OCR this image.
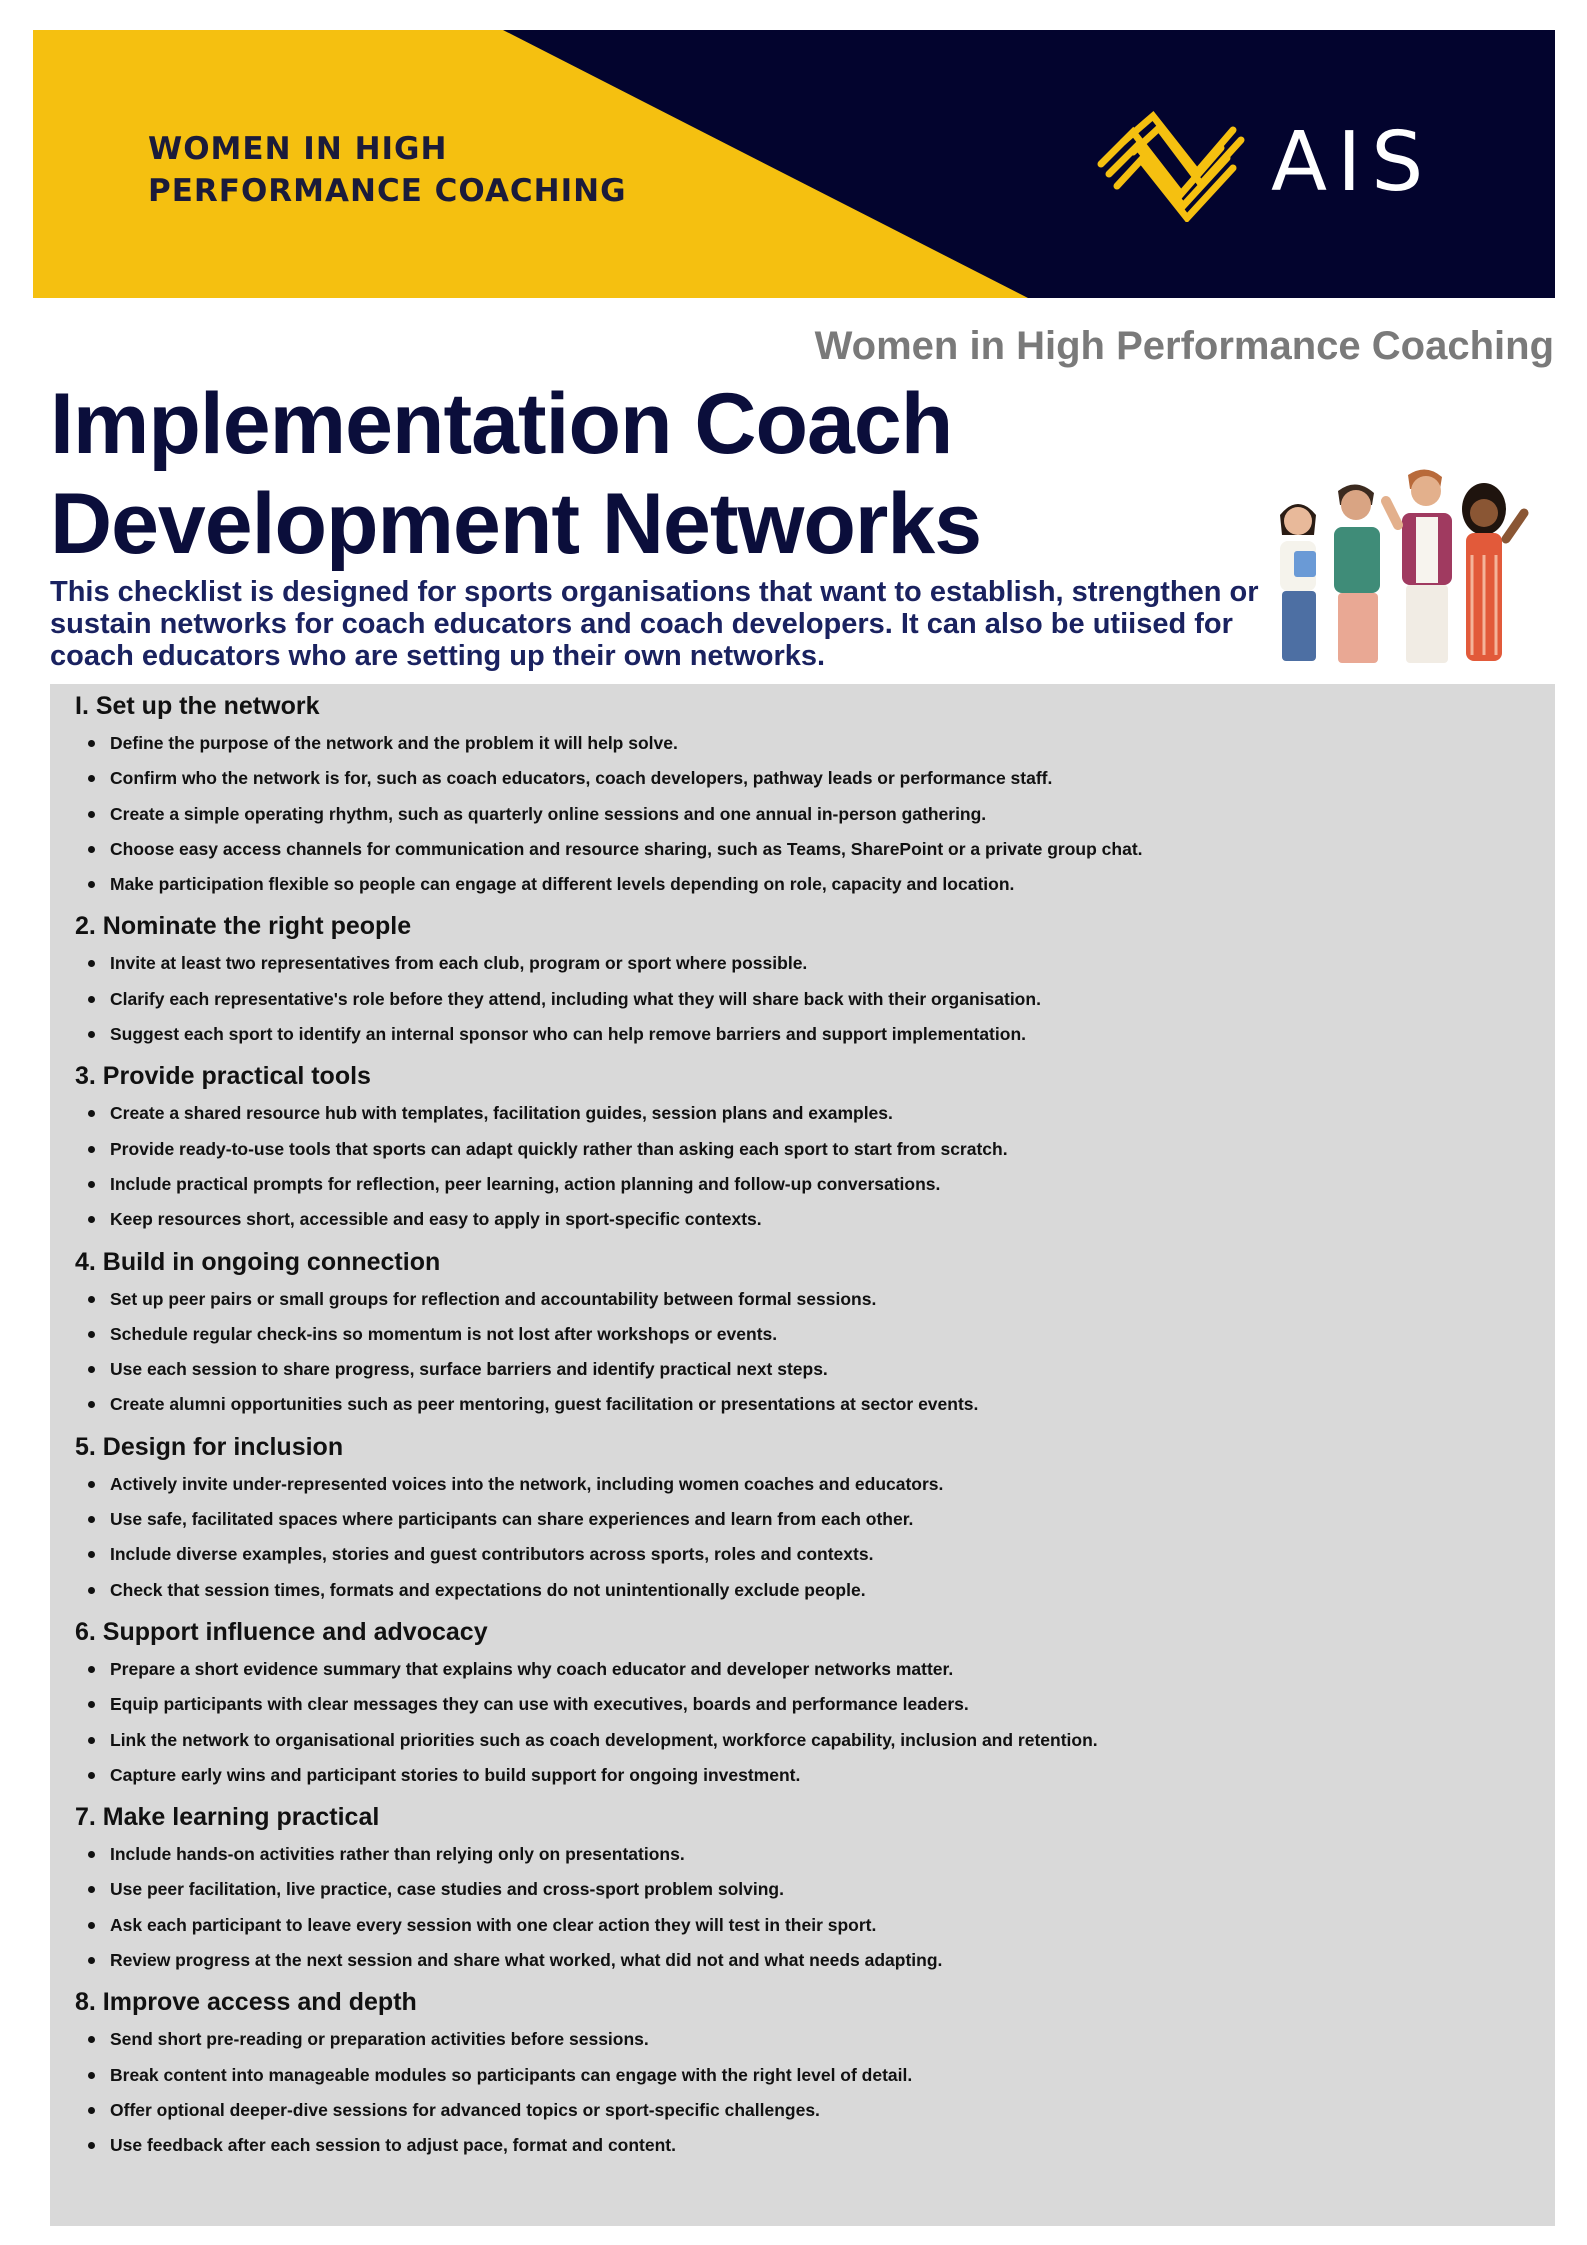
WOMEN IN HIGH
PERFORMANCE COACHING	AIS
Women in High Performance Coaching
Implementation Coach
Development Networks
This checklist is designed for sports organisations that want to establish, strengthen or sustain networks for coach educators and coach developers. It can also be utiised for coach educators who are setting up their own networks.
I. Set up the network
Define the purpose of the network and the problem it will help solve.
Confirm who the network is for, such as coach educators, coach developers, pathway leads or performance staff.
Create a simple operating rhythm, such as quarterly online sessions and one annual in-person gathering.
Choose easy access channels for communication and resource sharing, such as Teams, SharePoint or a private group chat.
Make participation flexible so people can engage at different levels depending on role, capacity and location.
2. Nominate the right people
Invite at least two representatives from each club, program or sport where possible.
Clarify each representative's role before they attend, including what they will share back with their organisation.
Suggest each sport to identify an internal sponsor who can help remove barriers and support implementation.
3. Provide practical tools
Create a shared resource hub with templates, facilitation guides, session plans and examples.
Provide ready-to-use tools that sports can adapt quickly rather than asking each sport to start from scratch.
Include practical prompts for reflection, peer learning, action planning and follow-up conversations.
Keep resources short, accessible and easy to apply in sport-specific contexts.
4. Build in ongoing connection
Set up peer pairs or small groups for reflection and accountability between formal sessions.
Schedule regular check-ins so momentum is not lost after workshops or events.
Use each session to share progress, surface barriers and identify practical next steps.
Create alumni opportunities such as peer mentoring, guest facilitation or presentations at sector events.
5. Design for inclusion
Actively invite under-represented voices into the network, including women coaches and educators.
Use safe, facilitated spaces where participants can share experiences and learn from each other.
Include diverse examples, stories and guest contributors across sports, roles and contexts.
Check that session times, formats and expectations do not unintentionally exclude people.
6. Support influence and advocacy
Prepare a short evidence summary that explains why coach educator and developer networks matter.
Equip participants with clear messages they can use with executives, boards and performance leaders.
Link the network to organisational priorities such as coach development, workforce capability, inclusion and retention.
Capture early wins and participant stories to build support for ongoing investment.
7. Make learning practical
Include hands-on activities rather than relying only on presentations.
Use peer facilitation, live practice, case studies and cross-sport problem solving.
Ask each participant to leave every session with one clear action they will test in their sport.
Review progress at the next session and share what worked, what did not and what needs adapting.
8. Improve access and depth
Send short pre-reading or preparation activities before sessions.
Break content into manageable modules so participants can engage with the right level of detail.
Offer optional deeper-dive sessions for advanced topics or sport-specific challenges.
Use feedback after each session to adjust pace, format and content.
